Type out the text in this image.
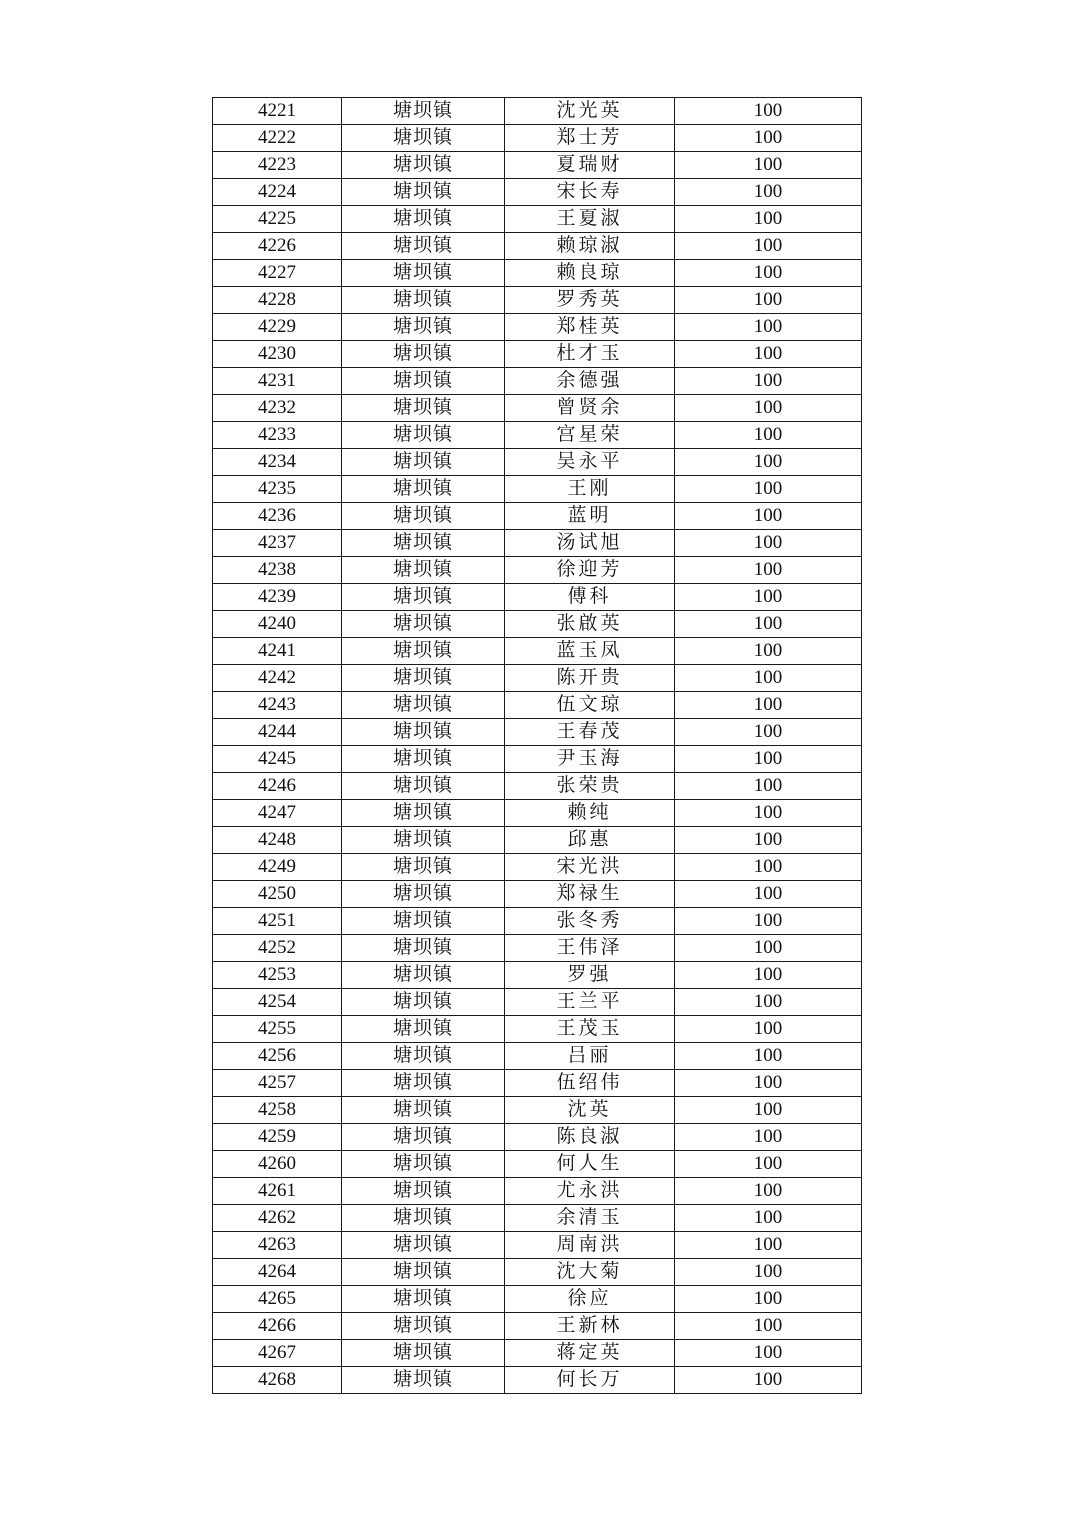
4221	塘坝镇	沈光英	100
4222	塘坝镇	郑士芳	100
4223	塘坝镇	夏瑞财	100
4224	塘坝镇	宋长寿	100
4225	塘坝镇	王夏淑	100
4226	塘坝镇	赖琼淑	100
4227	塘坝镇	赖良琼	100
4228	塘坝镇	罗秀英	100
4229	塘坝镇	郑桂英	100
4230	塘坝镇	杜才玉	100
4231	塘坝镇	余德强	100
4232	塘坝镇	曾贤余	100
4233	塘坝镇	宫星荣	100
4234	塘坝镇	吴永平	100
4235	塘坝镇	王刚	100
4236	塘坝镇	蓝明	100
4237	塘坝镇	汤试旭	100
4238	塘坝镇	徐迎芳	100
4239	塘坝镇	傅科	100
4240	塘坝镇	张啟英	100
4241	塘坝镇	蓝玉凤	100
4242	塘坝镇	陈开贵	100
4243	塘坝镇	伍文琼	100
4244	塘坝镇	王春茂	100
4245	塘坝镇	尹玉海	100
4246	塘坝镇	张荣贵	100
4247	塘坝镇	赖纯	100
4248	塘坝镇	邱惠	100
4249	塘坝镇	宋光洪	100
4250	塘坝镇	郑禄生	100
4251	塘坝镇	张冬秀	100
4252	塘坝镇	王伟泽	100
4253	塘坝镇	罗强	100
4254	塘坝镇	王兰平	100
4255	塘坝镇	王茂玉	100
4256	塘坝镇	吕丽	100
4257	塘坝镇	伍绍伟	100
4258	塘坝镇	沈英	100
4259	塘坝镇	陈良淑	100
4260	塘坝镇	何人生	100
4261	塘坝镇	尤永洪	100
4262	塘坝镇	余清玉	100
4263	塘坝镇	周南洪	100
4264	塘坝镇	沈大菊	100
4265	塘坝镇	徐应	100
4266	塘坝镇	王新林	100
4267	塘坝镇	蒋定英	100
4268	塘坝镇	何长万	100
